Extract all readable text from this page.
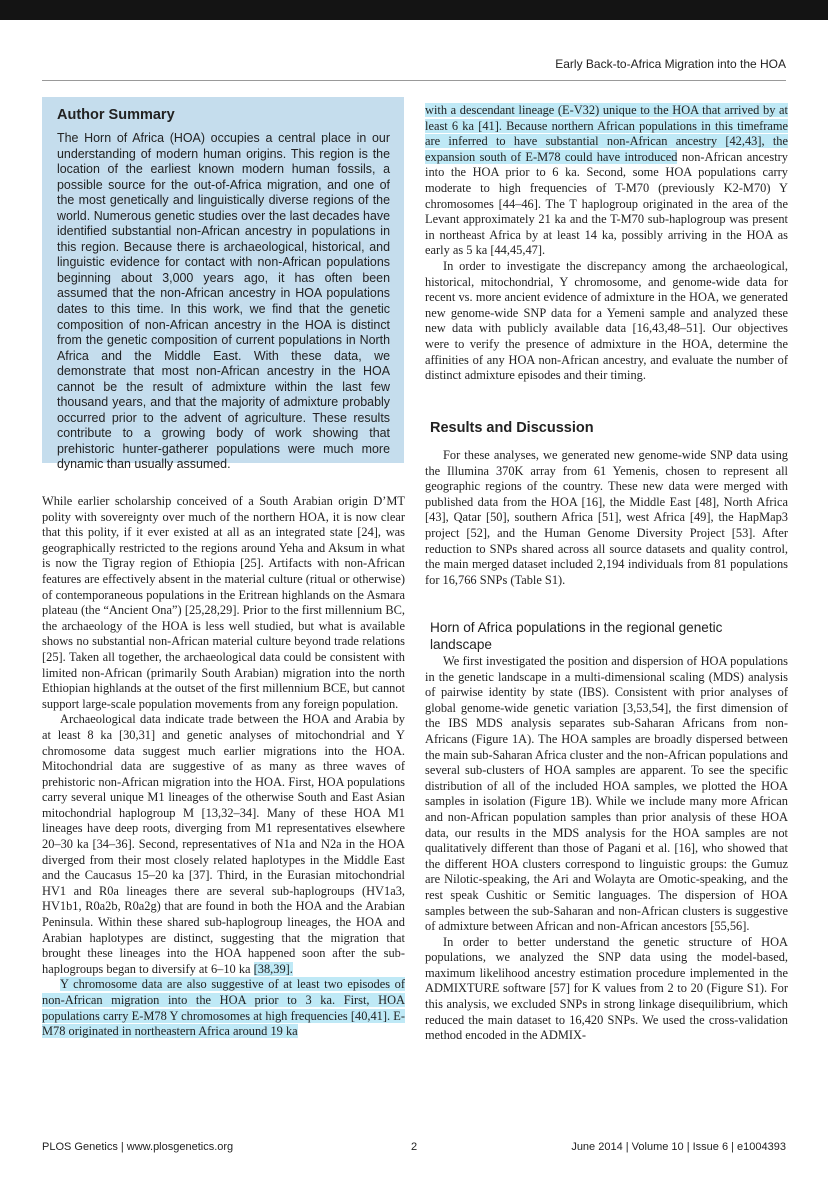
Early Back-to-Africa Migration into the HOA
Author Summary

The Horn of Africa (HOA) occupies a central place in our understanding of modern human origins. This region is the location of the earliest known modern human fossils, a possible source for the out-of-Africa migration, and one of the most genetically and linguistically diverse regions of the world. Numerous genetic studies over the last decades have identified substantial non-African ancestry in populations in this region. Because there is archaeological, historical, and linguistic evidence for contact with non-African populations beginning about 3,000 years ago, it has often been assumed that the non-African ancestry in HOA populations dates to this time. In this work, we find that the genetic composition of non-African ancestry in the HOA is distinct from the genetic composition of current populations in North Africa and the Middle East. With these data, we demonstrate that most non-African ancestry in the HOA cannot be the result of admixture within the last few thousand years, and that the majority of admixture probably occurred prior to the advent of agriculture. These results contribute to a growing body of work showing that prehistoric hunter-gatherer populations were much more dynamic than usually assumed.

While earlier scholarship conceived of a South Arabian origin D’MT polity with sovereignty over much of the northern HOA, it is now clear that this polity, if it ever existed at all as an integrated state [24], was geographically restricted to the regions around Yeha and Aksum in what is now the Tigray region of Ethiopia [25]. Artifacts with non-African features are effectively absent in the material culture (ritual or otherwise) of contemporaneous populations in the Eritrean highlands on the Asmara plateau (the “Ancient Ona”) [25,28,29]. Prior to the first millennium BC, the archaeology of the HOA is less well studied, but what is available shows no substantial non-African material culture beyond trade relations [25]. Taken all together, the archaeological data could be consistent with limited non-African (primarily South Arabian) migration into the north Ethiopian highlands at the outset of the first millennium BCE, but cannot support large-scale population movements from any foreign population.

Archaeological data indicate trade between the HOA and Arabia by at least 8 ka [30,31] and genetic analyses of mitochondrial and Y chromosome data suggest much earlier migrations into the HOA. Mitochondrial data are suggestive of as many as three waves of prehistoric non-African migration into the HOA. First, HOA populations carry several unique M1 lineages of the otherwise South and East Asian mitochondrial haplogroup M [13,32–34]. Many of these HOA M1 lineages have deep roots, diverging from M1 representatives elsewhere 20–30 ka [34–36]. Second, representatives of N1a and N2a in the HOA diverged from their most closely related haplotypes in the Middle East and the Caucasus 15–20 ka [37]. Third, in the Eurasian mitochondrial HV1 and R0a lineages there are several sub-haplogroups (HV1a3, HV1b1, R0a2b, R0a2g) that are found in both the HOA and the Arabian Peninsula. Within these shared sub-haplogroup lineages, the HOA and Arabian haplotypes are distinct, suggesting that the migration that brought these lineages into the HOA happened soon after the sub-haplogroups began to diversify at 6–10 ka [38,39].

Y chromosome data are also suggestive of at least two episodes of non-African migration into the HOA prior to 3 ka. First, HOA populations carry E-M78 Y chromosomes at high frequencies [40,41]. E-M78 originated in northeastern Africa around 19 ka

with a descendant lineage (E-V32) unique to the HOA that arrived by at least 6 ka [41]. Because northern African populations in this timeframe are inferred to have substantial non-African ancestry [42,43], the expansion south of E-M78 could have introduced non-African ancestry into the HOA prior to 6 ka. Second, some HOA populations carry moderate to high frequencies of T-M70 (previously K2-M70) Y chromosomes [44–46]. The T haplogroup originated in the area of the Levant approximately 21 ka and the T-M70 sub-haplogroup was present in northeast Africa by at least 14 ka, possibly arriving in the HOA as early as 5 ka [44,45,47].

In order to investigate the discrepancy among the archaeological, historical, mitochondrial, Y chromosome, and genome-wide data for recent vs. more ancient evidence of admixture in the HOA, we generated new genome-wide SNP data for a Yemeni sample and analyzed these new data with publicly available data [16,43,48–51]. Our objectives were to verify the presence of admixture in the HOA, determine the affinities of any HOA non-African ancestry, and evaluate the number of distinct admixture episodes and their timing.

Results and Discussion

For these analyses, we generated new genome-wide SNP data using the Illumina 370K array from 61 Yemenis, chosen to represent all geographic regions of the country. These new data were merged with published data from the HOA [16], the Middle East [48], North Africa [43], Qatar [50], southern Africa [51], west Africa [49], the HapMap3 project [52], and the Human Genome Diversity Project [53]. After reduction to SNPs shared across all source datasets and quality control, the main merged dataset included 2,194 individuals from 81 populations for 16,766 SNPs (Table S1).

Horn of Africa populations in the regional genetic landscape

We first investigated the position and dispersion of HOA populations in the genetic landscape in a multi-dimensional scaling (MDS) analysis of pairwise identity by state (IBS). Consistent with prior analyses of global genome-wide genetic variation [3,53,54], the first dimension of the IBS MDS analysis separates sub-Saharan Africans from non-Africans (Figure 1A). The HOA samples are broadly dispersed between the main sub-Saharan Africa cluster and the non-African populations and several sub-clusters of HOA samples are apparent. To see the specific distribution of all of the included HOA samples, we plotted the HOA samples in isolation (Figure 1B). While we include many more African and non-African population samples than prior analysis of these HOA data, our results in the MDS analysis for the HOA samples are not qualitatively different than those of Pagani et al. [16], who showed that the different HOA clusters correspond to linguistic groups: the Gumuz are Nilotic-speaking, the Ari and Wolayta are Omotic-speaking, and the rest speak Cushitic or Semitic languages. The dispersion of HOA samples between the sub-Saharan and non-African clusters is suggestive of admixture between African and non-African ancestors [55,56].

In order to better understand the genetic structure of HOA populations, we analyzed the SNP data using the model-based, maximum likelihood ancestry estimation procedure implemented in the ADMIXTURE software [57] for K values from 2 to 20 (Figure S1). For this analysis, we excluded SNPs in strong linkage disequilibrium, which reduced the main dataset to 16,420 SNPs. We used the cross-validation method encoded in the ADMIX-

PLOS Genetics | www.plosgenetics.org	2	June 2014 | Volume 10 | Issue 6 | e1004393
